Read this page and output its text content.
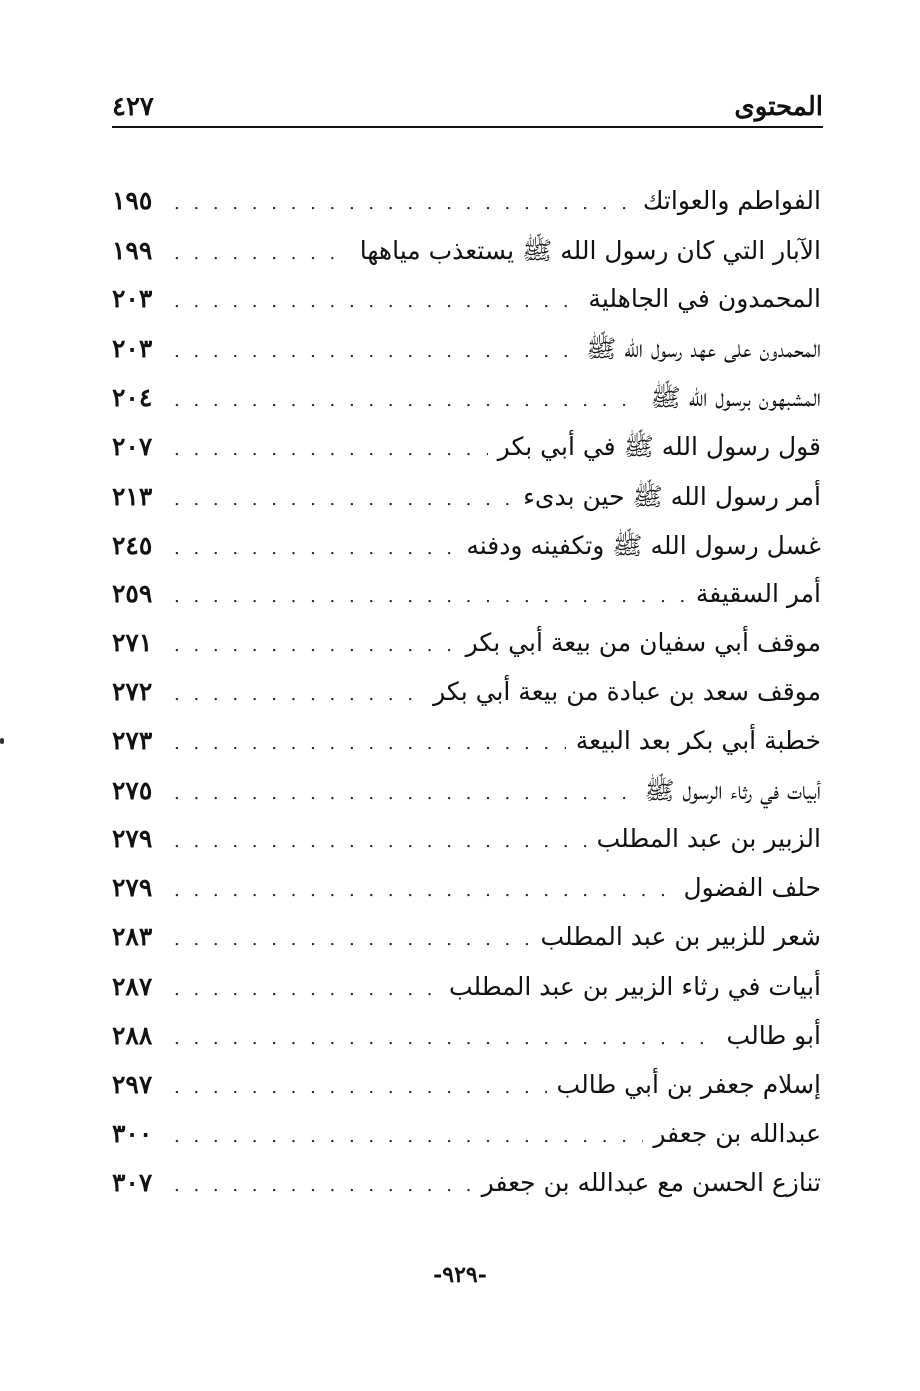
المحتوى
٤٢٧
الفواطم والعواتك
. . .
١٩٥
الآبار التي كان رسول الله ﷺ يستعذب مياهها
. . .
١٩٩
المحمدون في الجاهلية
. . .
٢٠٣
المحمدون على عهد رسول الله ﷺ
. . .
٢٠٣
المشبهون برسول الله ﷺ
. . .
٢٠٤
قول رسول الله ﷺ في أبي بكر
. . .
٢٠٧
أمر رسول الله ﷺ حين بدىء
. . .
٢١٣
غسل رسول الله ﷺ وتكفينه ودفنه
. . .
٢٤٥
أمر السقيفة
. . .
٢٥٩
موقف أبي سفيان من بيعة أبي بكر
. . .
٢٧١
موقف سعد بن عبادة من بيعة أبي بكر
. . .
٢٧٢
خطبة أبي بكر بعد البيعة
. . .
٢٧٣
أبيات في رثاء الرسول ﷺ
. . .
٢٧٥
الزبير بن عبد المطلب
. . .
٢٧٩
حلف الفضول
. . .
٢٧٩
شعر للزبير بن عبد المطلب
. . .
٢٨٣
أبيات في رثاء الزبير بن عبد المطلب
. . .
٢٨٧
أبو طالب
. . .
٢٨٨
إسلام جعفر بن أبي طالب
. . .
٢٩٧
عبدالله بن جعفر
. . .
٣٠٠
تنازع الحسن مع عبدالله بن جعفر
. . .
٣٠٧
-٩٢٩-
